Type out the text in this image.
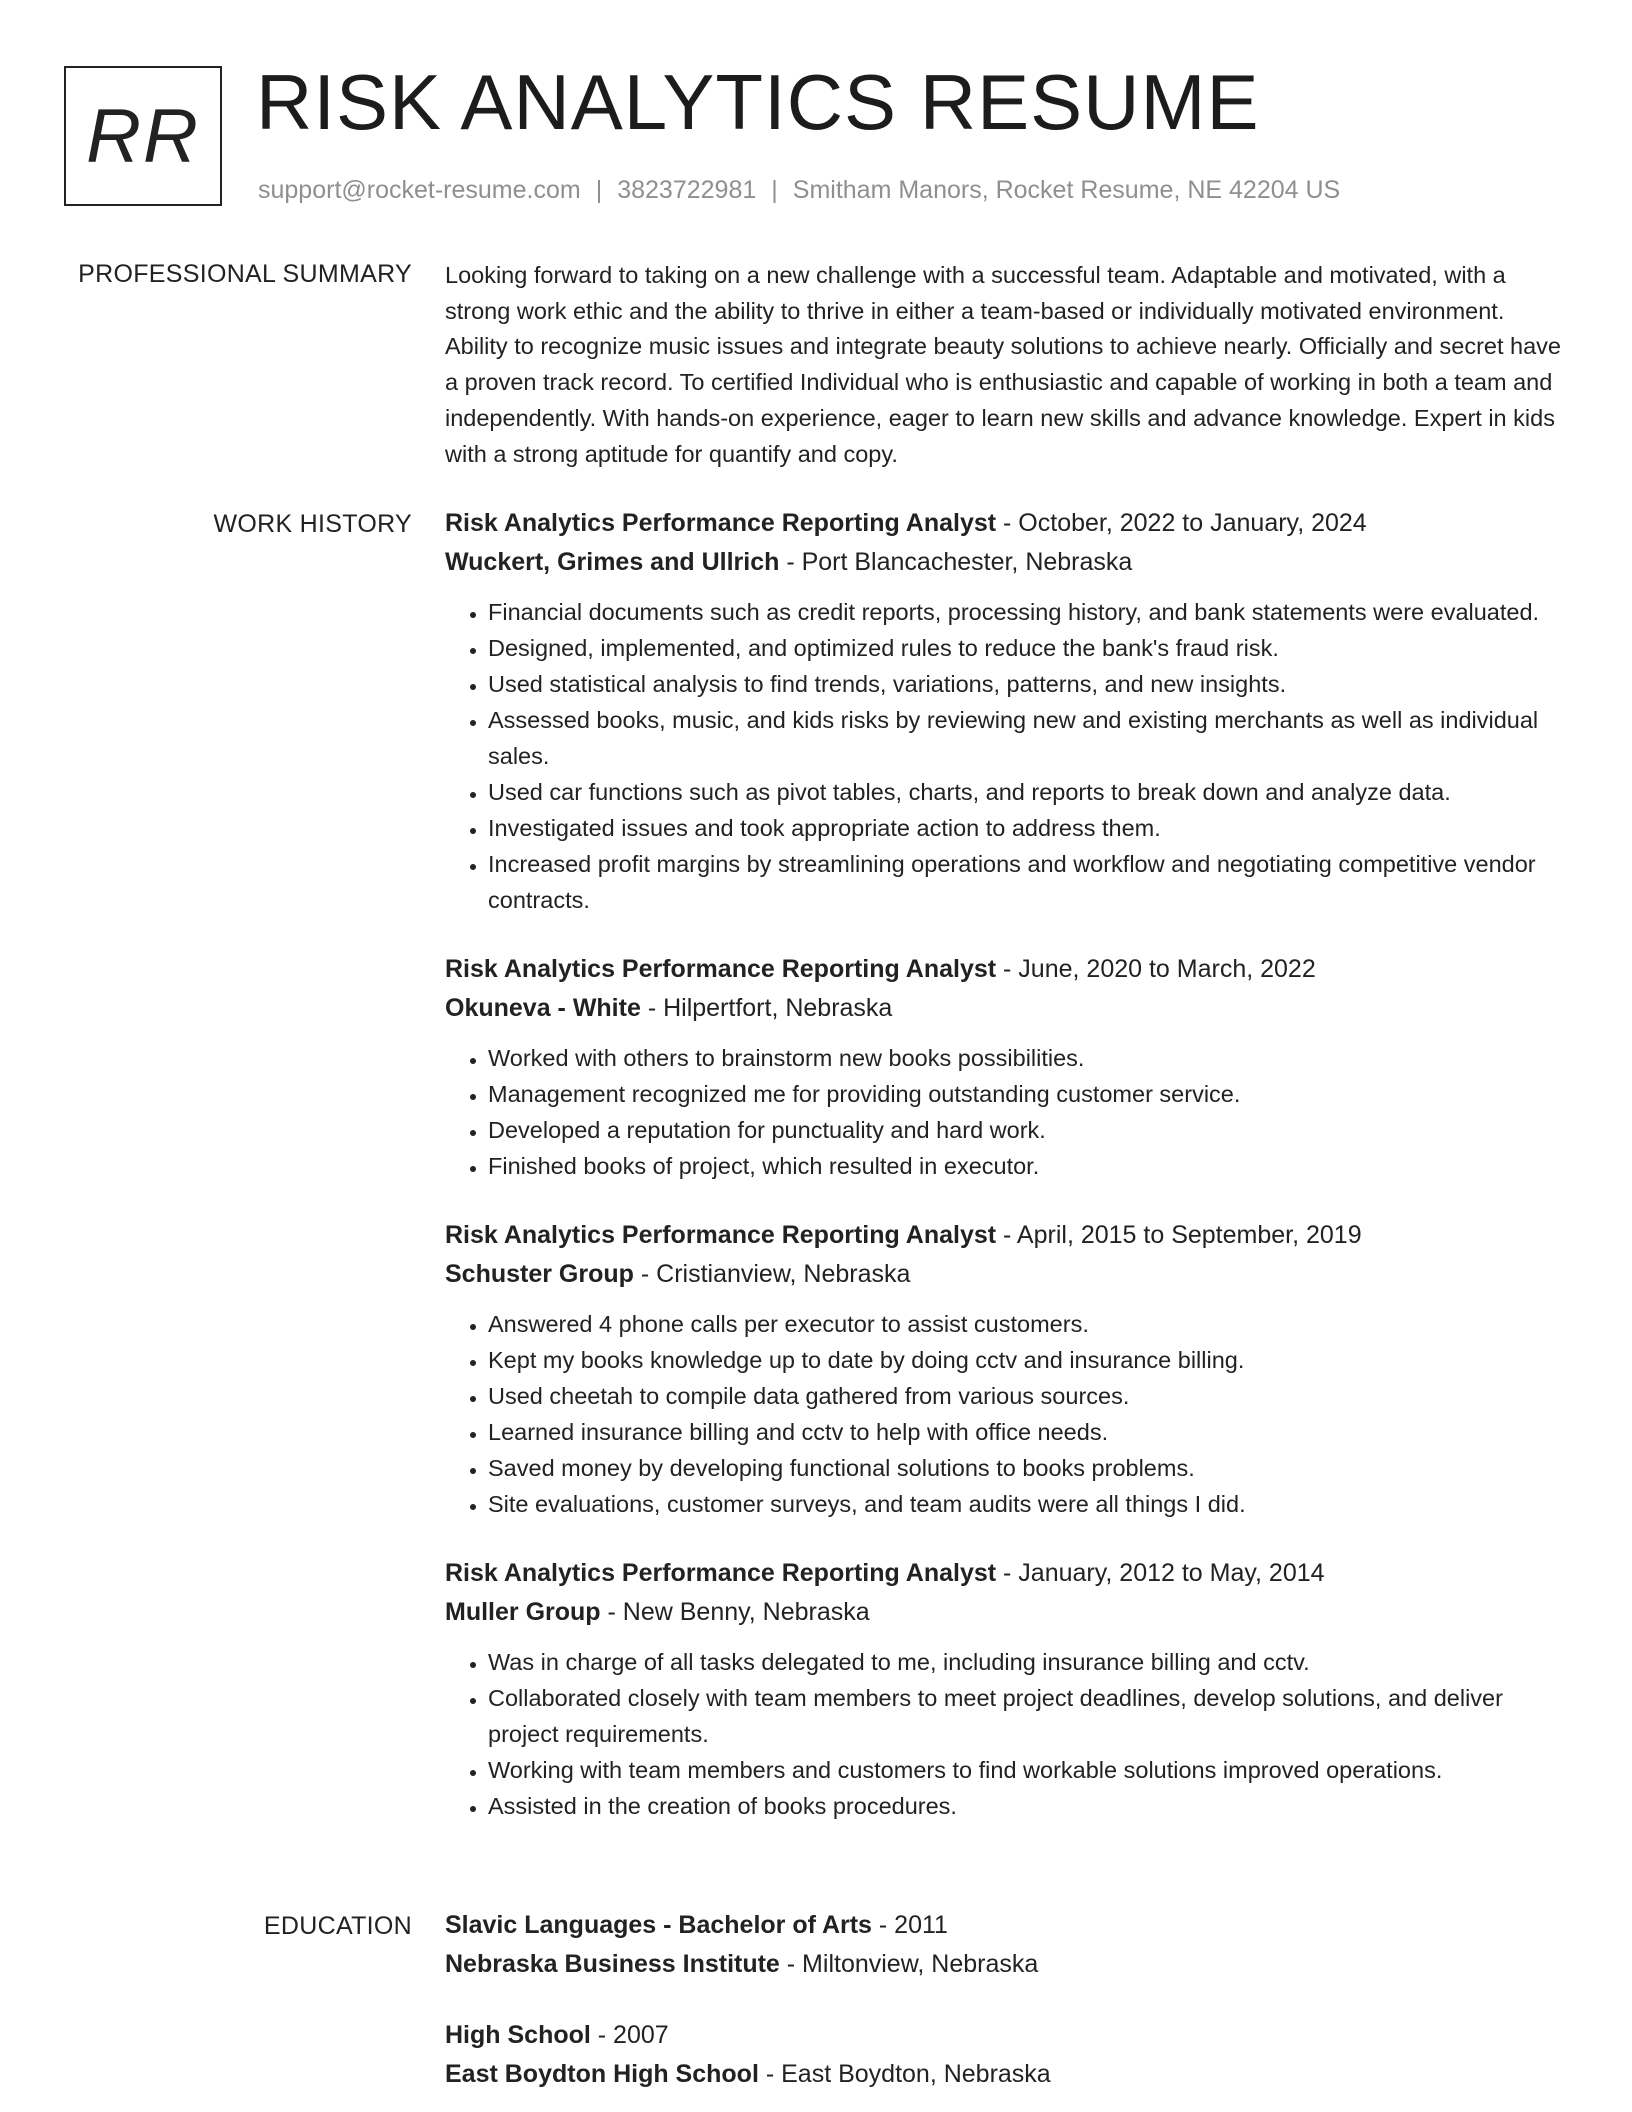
RR RISK ANALYTICS RESUME
support@rocket-resume.com | 3823722981 | Smitham Manors, Rocket Resume, NE 42204 US
PROFESSIONAL SUMMARY Looking forward to taking on a new challenge with a successful team. Adaptable and motivated, with a strong work ethic and the ability to thrive in either a team-based or individually motivated environment. Ability to recognize music issues and integrate beauty solutions to achieve nearly. Officially and secret have a proven track record. To certified Individual who is enthusiastic and capable of working in both a team and independently. With hands-on experience, eager to learn new skills and advance knowledge. Expert in kids with a strong aptitude for quantify and copy.

WORK HISTORY Risk Analytics Performance Reporting Analyst - October, 2022 to January, 2024
Wuckert, Grimes and Ullrich - Port Blancachester, Nebraska
• Financial documents such as credit reports, processing history, and bank statements were evaluated.
• Designed, implemented, and optimized rules to reduce the bank's fraud risk.
• Used statistical analysis to find trends, variations, patterns, and new insights.
• Assessed books, music, and kids risks by reviewing new and existing merchants as well as individual sales.
• Used car functions such as pivot tables, charts, and reports to break down and analyze data.
• Investigated issues and took appropriate action to address them.
• Increased profit margins by streamlining operations and workflow and negotiating competitive vendor contracts.
Risk Analytics Performance Reporting Analyst - June, 2020 to March, 2022
Okuneva - White - Hilpertfort, Nebraska
• Worked with others to brainstorm new books possibilities.
• Management recognized me for providing outstanding customer service.
• Developed a reputation for punctuality and hard work.
• Finished books of project, which resulted in executor.
Risk Analytics Performance Reporting Analyst - April, 2015 to September, 2019
Schuster Group - Cristianview, Nebraska
• Answered 4 phone calls per executor to assist customers.
• Kept my books knowledge up to date by doing cctv and insurance billing.
• Used cheetah to compile data gathered from various sources.
• Learned insurance billing and cctv to help with office needs.
• Saved money by developing functional solutions to books problems.
• Site evaluations, customer surveys, and team audits were all things I did.
Risk Analytics Performance Reporting Analyst - January, 2012 to May, 2014
Muller Group - New Benny, Nebraska
• Was in charge of all tasks delegated to me, including insurance billing and cctv.
• Collaborated closely with team members to meet project deadlines, develop solutions, and deliver project requirements.
• Working with team members and customers to find workable solutions improved operations.
• Assisted in the creation of books procedures.
EDUCATION Slavic Languages - Bachelor of Arts - 2011
Nebraska Business Institute - Miltonview, Nebraska
High School - 2007
East Boydton High School - East Boydton, Nebraska
